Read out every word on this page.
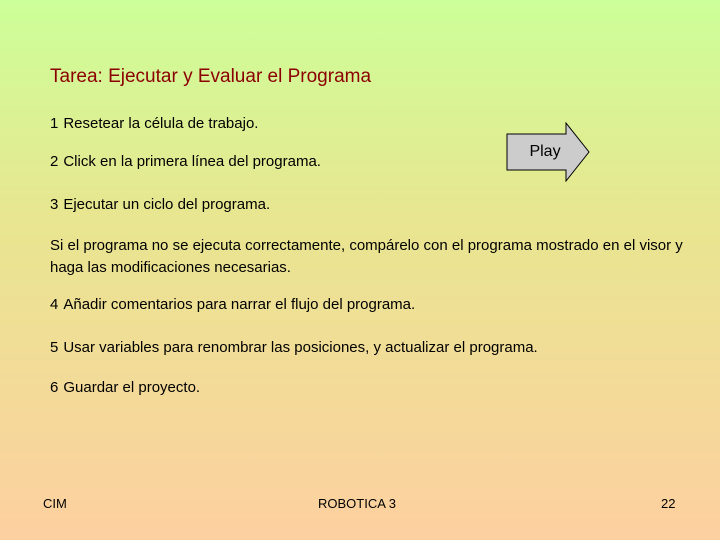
Tarea: Ejecutar y Evaluar el Programa
1 Resetear la célula de trabajo.
2 Click en la primera línea del programa.
Play
3 Ejecutar un ciclo del programa.
Si el programa no se ejecuta correctamente, compárelo con el programa mostrado en el visor y haga las modificaciones necesarias.
4 Añadir comentarios para narrar el flujo del programa.
5 Usar variables para renombrar las posiciones, y actualizar el programa.
6 Guardar el proyecto.
CIM	ROBOTICA 3	22
